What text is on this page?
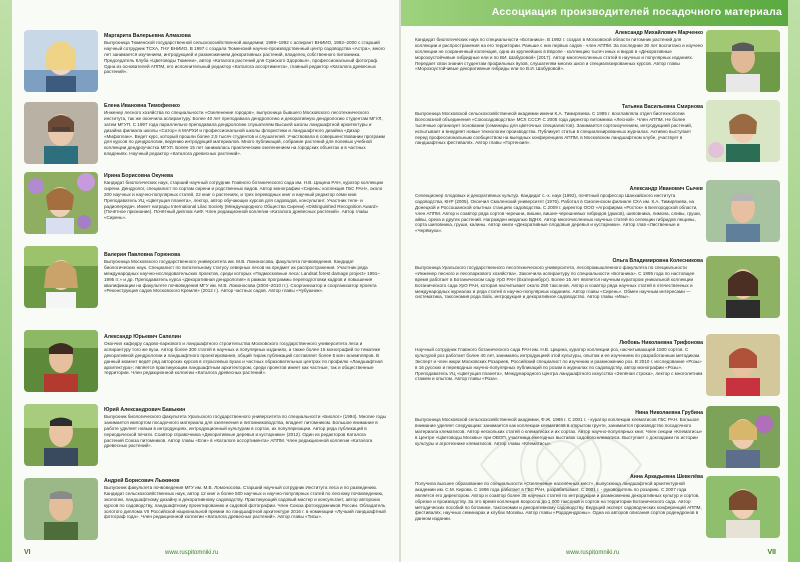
Маргарита Валерьевна Алмазова
Выпускница Тюменской государственной сельскохозяйственной академии; 1989–1992 с аспирант ВНИИО, 1992–2000 с старший научный сотрудник ТСХА, ГНУ ВНИИО. В 1997 с создала Тюменский научно-производственный центр садоводства «Астра», много лет занимается изучением, интродукцией и размножением декоративных растений, владелец собственного питомника. Председатель Клуба «Цветоводы Тюмени», автор «Каталога растений для Сумского Здоровья», профессиональный фотограф. Одна из основателей АППМ, его исполнительный редактор «Каталога ассортимента», главный редактор «Каталога древесных растений».
Елена Ивановна Тимофеенко
Инженер лесного хозяйства по специальности «Озеленение городов», выпускница бывшего Московского лесотехнического института, так же окончила аспирантуру. Более 40 лет преподавала дендрологию и декоративную дендрологию студентам МГУЛ, затем МГУП. С 1997 года параллельно преподавала дендрологию слушателям Высшей школы ландшафтной архитектуры и дизайна филиала школы «Сатор» в МАРХИ и профессиональной школы флористики и ландшафтного дизайна «Дизар «Мифоплан». Ведет курс, который прошли более 2,5 тысяч студентов и слушателей. Участвовала в совершенствовании программ для курсов по дендрологии, ведению интродукций материалов. Много публикаций, собрание растений для полевых учебной коллекции дендроучастка МГУЛ. Более 15 лет занималась практическим озеленением на городских объектах и в частных владениях. Научный редактор «Каталога древесных растений».
Ирина Борисовна Окунева
Кандидат биологических наук, старший научный сотрудник Главного ботанического сада им. Н.В. Цицина РАН, куратор коллекции сирени. Дендролог, специалист по сортам сирени и родственных видов. Автор монографии «Сирень: коллекция ГБС РАН», около 200 научных и научно-популярных статей, 22 книг о растениях, и трех переводных книг и научный редактор семи книг. Преподаватель УЦ «Цветущая планета», лектор, автор обучающих курсов для садоводов, консультант. Участник теле- и радиопередач. Имеет награды International Lilac Society (Международного Общества Сирени) «Distinguished Recognition Award» (Почётное признание). Почётный диплом АиФ. Член редакционной коллегии «Каталога древесных растений». Автор главы «Сирень».
Валерия Павловна Горюнова
Выпускница Московского государственного университета им. М.В. Ломоносова, факультета почвоведения. Кандидат биологических наук. Специалист по питательному статусу северных лесов на предмет их распространения. Участник ряда международных научно-исследовательских проектов, среди которых «Подмосковные леса: Landsat forest damage project» 1991–1995 гг.» и др. Преподаватель курса «Декоративная дендрология» в рамках программы переподготовки кадров и повышения квалификации на факультете почвоведения МГУ им. М.В. Ломоносова (2004–2010 гг.). Соорганизатор и соорганизатор проекта «Реконструкция садов Московского Кремля» (2012 г.). Автор частных садов. Автор главы «Чубушник».
Александр Юрьевич Сапелин
Окончил кафедру садово-паркового и ландшафтного строительства Московского государственного университета леса и аспирантуру того же вуза. Автор более 300 статей в научных и популярных изданиях, а также более 15 монографий по тематике декоративной дендрологии и ландшафтного проектирования, общий тираж публикаций составляет более 5 млн экземпляров. В данный момент ведёт ряд авторских курсов в отраслевых вузах и частных образовательных центрах по профилю «Ландшафтная архитектура»; является практикующим ландшафтным архитектором, среди проектов имеет как частные, так и общественные территории. Член редакционной коллегии «Каталога древесных растений».
Юрий Александрович Бавыкин
Выпускник биологического факультета Уральского государственного университета по специальности «Биолог» (1994). Многие годы занимается импортом посадочного материала для озеленения и питомниководства, владеет питомником. Большое внимание в работе уделяет новым в интродукциях, интродукционный культурам в сортах, их популяризации. Автор ряда публикаций в периодической печати. Соавтор справочника «Декоративные деревья и кустарники» (2012). Один из редакторов Каталога растений Союза питомников. Автор главы «Ели» в «Каталоге ассортимента» АППМ. Член редакционной коллегии «Каталога древесных растений».
Андрей Борисович Лыжинов
Выпускник факультета почвоведения МГУ им. М.В. Ломоносова. Старший научный сотрудник Института леса и по разведению. Кандидат сельскохозяйственных наук, автор 12 книг и более 500 научных и научно-популярных статей по лесному почвоведению, экологии, ландшафтному дизайну и декоративному садоводству. Практикующий садовый мастер и консультант, автор авторских курсов по садоводству, ландшафтному проектированию и садовой фотографии. Член Союза фотохудожников России. Обладатель золотого диплома VII Российской национальной премии по ландшафтной архитектуре 2016 г. в номинации «Лучший ландшафтный фотограф года». Член редакционной коллегии «Каталога древесных растений». Автор главы «Тисы».
VI	www.ruspitomniki.ru
Ассоциация производителей посадочного материала
Александр Михайлович Марченко
Кандидат биологических наук по специальности «Ботаника». В 1992 г. создал в Московской области питомник растений для коллекции и распространения на его территории. Раньше с них первых садов - член АППМ. За последние 30 лет воспитано и изучено коллекции не сохраненный коллекция, одна из крупнейших в Европе - коллекцию тысяч иных и видов в «Декоративные морозоустойчивые гибридные ели и по ВИ. Шабуровой» (2017). Автор многочисленных статей в научных и популярных изданиях. Передает свои знания студентам профильных вузов, слушателям многих школ и специализированных курсов. Автор главы «Морозоустойчивые декоративные гибриды ели по В.И. Шабуровой».
Татьяна Васильевна Смирнова
Выпускница Московской сельскохозяйственной академии имени К.А. Тимирязева. С 1985 г. возглавляла отдел биотехнологии Всесоюзной объединения «Союзсадоводства» МСХ СССР. С 2005 года директор питомника «Лесной». Член АППМ. Не более тысячные организует основании (семинары для цветочных специалистов). Занимается сортоизучением, интродукцией растений, испытывает и внедряет новые технологии производства. Публикует статьи в специализированных журналах. Активно выступает перед профессиональным сообществом на выездных конференциях АППМ, в Московском ландшафтном клубе, участвует в ландшафтных фестивалях. Автор главы «Гортензия».
Александр Иванович Сычев
Селекционер плодовых и декоративных культур. Кандидат с.-х. наук (1992), почётный профессор Шанхайского института садоводства, КНР (2005). Окончил Смоленский университет (1976). Работал в Смоленском филиале СХА им. К.А. Тимирязева, на Донецкой и Россошанской опытных станциях садоводства. С 2009 г. директор ООО «Агрофирма «Росток» в Белгородской области, член АППМ. Автор и соавтор ряда сортов черешни, вишни, вишне-черешневых гибридов (дюков), шиповника, лимона, сливы, груши, айвы, ореха и других растений. Награжден медалью ВДНХ. Автор многочисленных научных статей по селекции гибридов лещины, сорта шиповника, груши, калины. Автор книги «Декоративные плодовые деревья и кустарники». Автор глав «Лиственные и «Черёмуха».
Ольга Владимировна Колесникова
Выпускница Уральского государственного лесотехнического университета, лесопромышленного факультета по специальности «Инженер лесного и лесопаркового хозяйства». Закончила аспирантуру по специальности «Ботаника». С 1995 года по настоящее время работает в Ботаническом саду УрО РАН (Екатеринбург). Более 15 лет является научным куратором уникальной коллекции Ботанического сада УрО РАН, которая насчитывает около 250 таксонов. Автор и соавтор ряда научных статей в отечественных и международных журналах и ряда статей в научно-популярных изданиях. Автор главы «Сирень». Обмен научным интересами — систематика, таксономия рода Salix, интродукция и декоративное садоводство. Автор главы «Ивы».
Любовь Николаевна Трифонова
Научный сотрудник Главного ботанического сада РАН им. Н.В. Цицина, куратор коллекции роз, насчитывающей 1500 сортов. С культурой роз работает более 40 лет, занимаясь интродукцией этой культуры, опытом и ее изучением по разработанным методикам. Эксперт и член жюри Московских Розариев, Российский специалист по изучению и размножению роз. В 2010 г. исследование «Розы» в 16 русских и переводных научно-популярных публикаций по розам в журналах по садоводству, автор монографии «Розы». Преподаватель УЦ «Цветущая планета», Международного Центра ландшафтного искусства «Зелёная строка», лектор с многолетним стажем и опытом. Автор главы «Роза».
Нина Николаевна Грубина
Выпускница Московской сельскохозяйственной академии, Ф.Ж. 1988 г. С 2001 г. - куратор коллекции клематисов ГБС РАН. Большое внимание уделяет следующим: занимается как коллекции клематисов в открытом грунте, занимается производство посадочного материала клематисов. Автор нескольких статей о клематисах и их сортах. Автор научно-популярных книг. Член секции «Клематисы» в Центре «Цветоводы Москвы» при ОВОП, участница ежегодных выставок садового клематиса. Выступает с докладами по истории культуры и агротехнике клематисов. Автор главы «Клематисы».
Анна Аркадьевна Шевелёва
Получила высшее образование по специальности «Озеленение населённых мест», выпускница ландшафтной архитектурной академии им. С.М. Кирова. С 1996 года работает в ГБС РАН, разрабатывает. С 2001 г. - руководитель по розарию. С 2007 года является его директором. Автор и соавтор более 35 научных статей по интродукции и размножению декоративных культур и сортов, обрезке и производству. За это время коллекция возросла до 1 000 таксонов и сортов на территории Ботанического сада. Автор методических пособий по ботанике, таксономии и декоративному садоводству. Ведущий эксперт садоводческих конференций АППМ, фестивалях, научных семинарах и клубах Москвы. Автор главы «Рододендроны». Одна из авторов описания сортов родендронов в данном издании.
www.ruspitomniki.ru	VII
